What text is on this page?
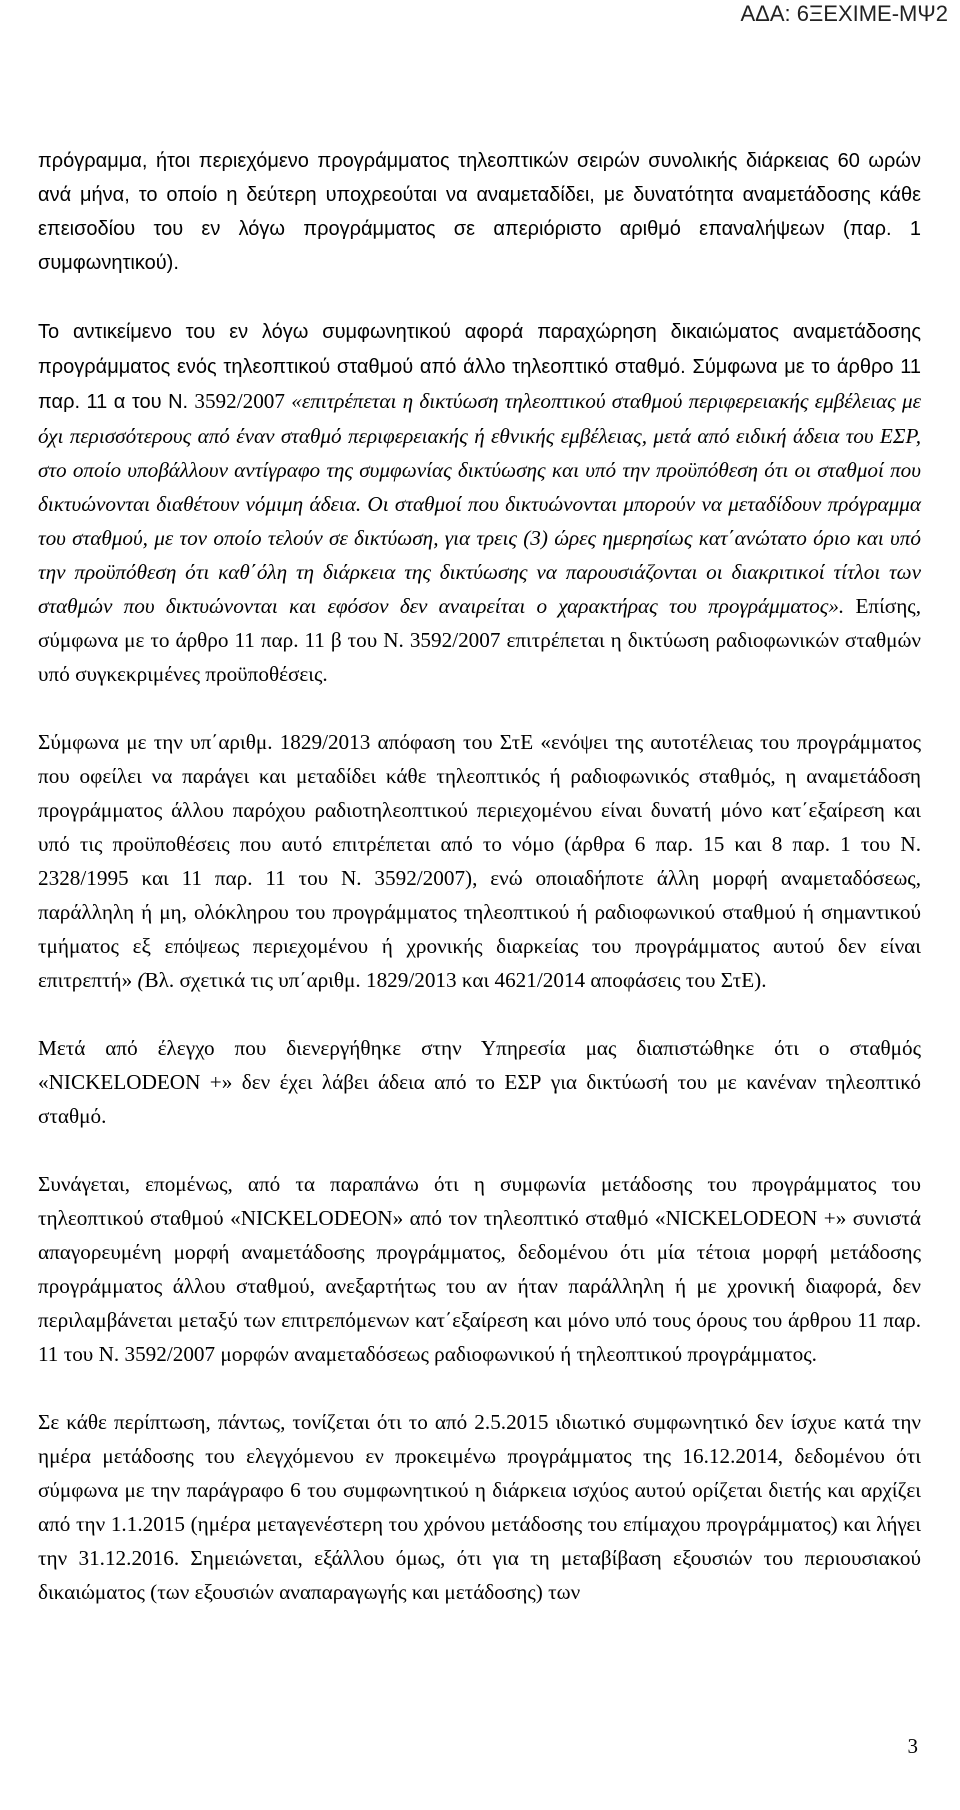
ΑΔΑ: 6ΞΕΧΙΜΕ-ΜΨ2

πρόγραμμα, ήτοι περιεχόμενο προγράμματος τηλεοπτικών σειρών συνολικής διάρκειας 60 ωρών ανά μήνα, το οποίο η δεύτερη υποχρεούται να αναμεταδίδει, με δυνατότητα αναμετάδοσης κάθε επεισοδίου του εν λόγω προγράμματος σε απεριόριστο αριθμό επαναλήψεων (παρ. 1 συμφωνητικού).

Το αντικείμενο του εν λόγω συμφωνητικού αφορά παραχώρηση δικαιώματος αναμετάδοσης προγράμματος ενός τηλεοπτικού σταθμού από άλλο τηλεοπτικό σταθμό. Σύμφωνα με το άρθρο 11 παρ. 11 α του Ν. 3592/2007 «επιτρέπεται η δικτύωση τηλεοπτικού σταθμού περιφερειακής εμβέλειας με όχι περισσότερους από έναν σταθμό περιφερειακής ή εθνικής εμβέλειας, μετά από ειδική άδεια του ΕΣΡ, στο οποίο υποβάλλουν αντίγραφο της συμφωνίας δικτύωσης και υπό την προϋπόθεση ότι οι σταθμοί που δικτυώνονται διαθέτουν νόμιμη άδεια. Οι σταθμοί που δικτυώνονται μπορούν να μεταδίδουν πρόγραμμα του σταθμού, με τον οποίο τελούν σε δικτύωση, για τρεις (3) ώρες ημερησίως κατ΄ανώτατο όριο και υπό την προϋπόθεση ότι καθ΄όλη τη διάρκεια της δικτύωσης να παρουσιάζονται οι διακριτικοί τίτλοι των σταθμών που δικτυώνονται και εφόσον δεν αναιρείται ο χαρακτήρας του προγράμματος». Επίσης, σύμφωνα με το άρθρο 11 παρ. 11 β του Ν. 3592/2007 επιτρέπεται η δικτύωση ραδιοφωνικών σταθμών υπό συγκεκριμένες προϋποθέσεις.

Σύμφωνα με την υπ΄αριθμ. 1829/2013 απόφαση του ΣτΕ «ενόψει της αυτοτέλειας του προγράμματος που οφείλει να παράγει και μεταδίδει κάθε τηλεοπτικός ή ραδιοφωνικός σταθμός, η αναμετάδοση προγράμματος άλλου παρόχου ραδιοτηλεοπτικού περιεχομένου είναι δυνατή μόνο κατ΄εξαίρεση και υπό τις προϋποθέσεις που αυτό επιτρέπεται από το νόμο (άρθρα 6 παρ. 15 και 8 παρ. 1 του Ν. 2328/1995 και 11 παρ. 11 του Ν. 3592/2007), ενώ οποιαδήποτε άλλη μορφή αναμεταδόσεως, παράλληλη ή μη, ολόκληρου του προγράμματος τηλεοπτικού ή ραδιοφωνικού σταθμού ή σημαντικού τμήματος εξ επόψεως περιεχομένου ή χρονικής διαρκείας του προγράμματος αυτού δεν είναι επιτρεπτή» (Βλ. σχετικά τις υπ΄αριθμ. 1829/2013 και 4621/2014 αποφάσεις του ΣτΕ).

Μετά από έλεγχο που διενεργήθηκε στην Υπηρεσία μας διαπιστώθηκε ότι ο σταθμός «NICKELODEON +» δεν έχει λάβει άδεια από το ΕΣΡ για δικτύωσή του με κανέναν τηλεοπτικό σταθμό.

Συνάγεται, επομένως, από τα παραπάνω ότι η συμφωνία μετάδοσης του προγράμματος του τηλεοπτικού σταθμού «NICKELODEON» από τον τηλεοπτικό σταθμό «NICKELODEON +» συνιστά απαγορευμένη μορφή αναμετάδοσης προγράμματος, δεδομένου ότι μία τέτοια μορφή μετάδοσης προγράμματος άλλου σταθμού, ανεξαρτήτως του αν ήταν παράλληλη ή με χρονική διαφορά, δεν περιλαμβάνεται μεταξύ των επιτρεπόμενων κατ΄εξαίρεση και μόνο υπό τους όρους του άρθρου 11 παρ. 11 του Ν. 3592/2007 μορφών αναμεταδόσεως ραδιοφωνικού ή τηλεοπτικού προγράμματος.

Σε κάθε περίπτωση, πάντως, τονίζεται ότι το από 2.5.2015 ιδιωτικό συμφωνητικό δεν ίσχυε κατά την ημέρα μετάδοσης του ελεγχόμενου εν προκειμένω προγράμματος της 16.12.2014, δεδομένου ότι σύμφωνα με την παράγραφο 6 του συμφωνητικού η διάρκεια ισχύος αυτού ορίζεται διετής και αρχίζει από την 1.1.2015 (ημέρα μεταγενέστερη του χρόνου μετάδοσης του επίμαχου προγράμματος) και λήγει την 31.12.2016. Σημειώνεται, εξάλλου όμως, ότι για τη μεταβίβαση εξουσιών του περιουσιακού δικαιώματος (των εξουσιών αναπαραγωγής και μετάδοσης) των

3
